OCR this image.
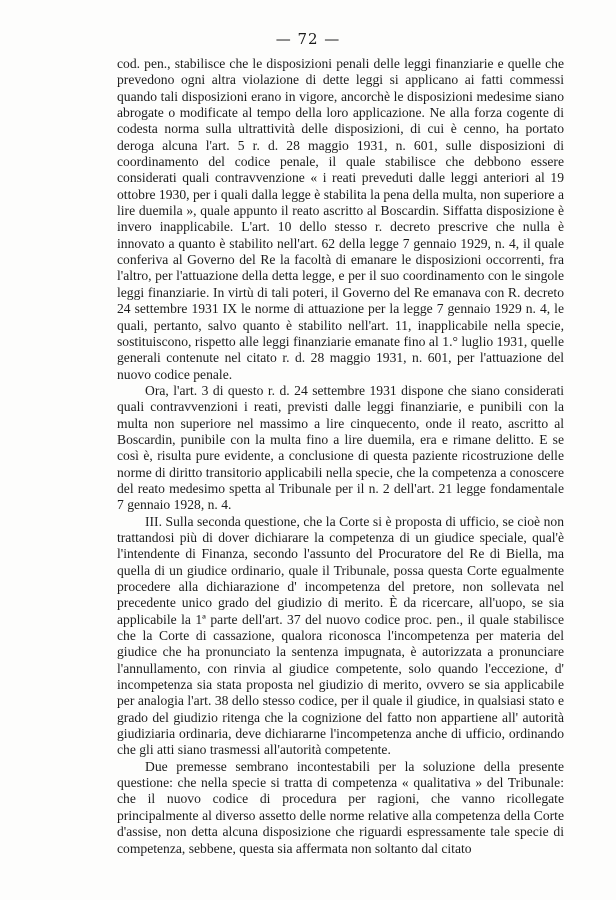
— 72 —

cod. pen., stabilisce che le disposizioni penali delle leggi finanziarie e quelle che prevedono ogni altra violazione di dette leggi si applicano ai fatti commessi quando tali disposizioni erano in vigore, ancorchè le disposizioni medesime siano abrogate o modificate al tempo della loro applicazione. Ne alla forza cogente di codesta norma sulla ultrattività delle disposizioni, di cui è cenno, ha portato deroga alcuna l'art. 5 r. d. 28 maggio 1931, n. 601, sulle disposizioni di coordinamento del codice penale, il quale stabilisce che debbono essere considerati quali contravvenzione « i reati preveduti dalle leggi anteriori al 19 ottobre 1930, per i quali dalla legge è stabilita la pena della multa, non superiore a lire duemila », quale appunto il reato ascritto al Boscardin. Siffatta disposizione è invero inapplicabile. L'art. 10 dello stesso r. decreto prescrive che nulla è innovato a quanto è stabilito nell'art. 62 della legge 7 gennaio 1929, n. 4, il quale conferiva al Governo del Re la facoltà di emanare le disposizioni occorrenti, fra l'altro, per l'attuazione della detta legge, e per il suo coordinamento con le singole leggi finanziarie. In virtù di tali poteri, il Governo del Re emanava con R. decreto 24 settembre 1931 IX le norme di attuazione per la legge 7 gennaio 1929 n. 4, le quali, pertanto, salvo quanto è stabilito nell'art. 11, inapplicabile nella specie, sostituiscono, rispetto alle leggi finanziarie emanate fino al 1.° luglio 1931, quelle generali contenute nel citato r. d. 28 maggio 1931, n. 601, per l'attuazione del nuovo codice penale.

Ora, l'art. 3 di questo r. d. 24 settembre 1931 dispone che siano considerati quali contravvenzioni i reati, previsti dalle leggi finanziarie, e punibili con la multa non superiore nel massimo a lire cinquecento, onde il reato, ascritto al Boscardin, punibile con la multa fino a lire duemila, era e rimane delitto. E se così è, risulta pure evidente, a conclusione di questa paziente ricostruzione delle norme di diritto transitorio applicabili nella specie, che la competenza a conoscere del reato medesimo spetta al Tribunale per il n. 2 dell'art. 21 legge fondamentale 7 gennaio 1928, n. 4.

III. Sulla seconda questione, che la Corte si è proposta di ufficio, se cioè non trattandosi più di dover dichiarare la competenza di un giudice speciale, qual'è l'intendente di Finanza, secondo l'assunto del Procuratore del Re di Biella, ma quella di un giudice ordinario, quale il Tribunale, possa questa Corte egualmente procedere alla dichiarazione d' incompetenza del pretore, non sollevata nel precedente unico grado del giudizio di merito. È da ricercare, all'uopo, se sia applicabile la 1ª parte dell'art. 37 del nuovo codice proc. pen., il quale stabilisce che la Corte di cassazione, qualora riconosca l'incompetenza per materia del giudice che ha pronunciato la sentenza impugnata, è autorizzata a pronunciare l'annullamento, con rinvia al giudice competente, solo quando l'eccezione, d' incompetenza sia stata proposta nel giudizio di merito, ovvero se sia applicabile per analogia l'art. 38 dello stesso codice, per il quale il giudice, in qualsiasi stato e grado del giudizio ritenga che la cognizione del fatto non appartiene all' autorità giudiziaria ordinaria, deve dichiararne l'incompetenza anche di ufficio, ordinando che gli atti siano trasmessi all'autorità competente.

Due premesse sembrano incontestabili per la soluzione della presente questione: che nella specie si tratta di competenza « qualitativa » del Tribunale: che il nuovo codice di procedura per ragioni, che vanno ricollegate principalmente al diverso assetto delle norme relative alla competenza della Corte d'assise, non detta alcuna disposizione che riguardi espressamente tale specie di competenza, sebbene, questa sia affermata non soltanto dal citato
